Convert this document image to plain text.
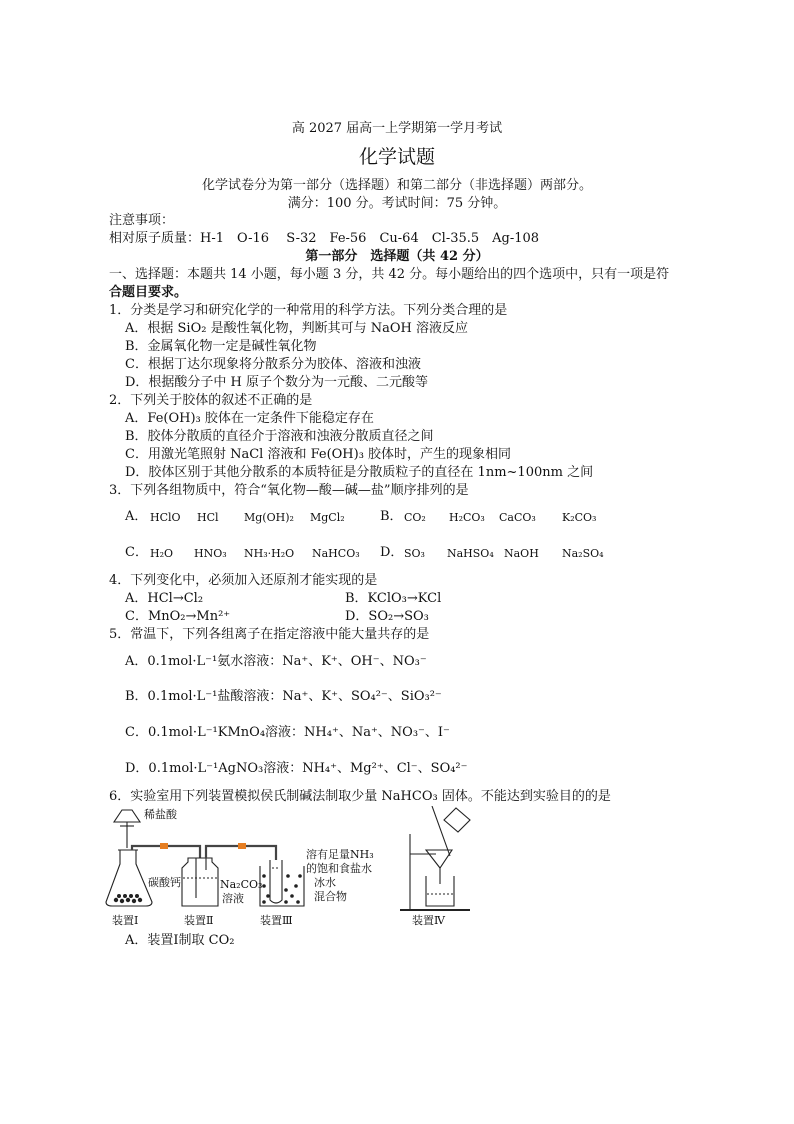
高 2027 届高一上学期第一学月考试
化学试题
化学试卷分为第一部分（选择题）和第二部分（非选择题）两部分。
满分：100 分。考试时间：75 分钟。
注意事项：
相对原子质量：H-1　O-16　 S-32　Fe-56　Cu-64　Cl-35.5　Ag-108
第一部分　选择题（共 42 分）
一、选择题：本题共 14 小题，每小题 3 分，共 42 分。每小题给出的四个选项中，只有一项是符
合题目要求。
1．分类是学习和研究化学的一种常用的科学方法。下列分类合理的是
A．根据 SiO₂ 是酸性氧化物，判断其可与 NaOH 溶液反应
B．金属氧化物一定是碱性氧化物
C．根据丁达尔现象将分散系分为胶体、溶液和浊液
D．根据酸分子中 H 原子个数分为一元酸、二元酸等
2．下列关于胶体的叙述不正确的是
A．Fe(OH)₃ 胶体在一定条件下能稳定存在
B．胶体分散质的直径介于溶液和浊液分散质直径之间
C．用激光笔照射 NaCl 溶液和 Fe(OH)₃ 胶体时，产生的现象相同
D．胶体区别于其他分散系的本质特征是分散质粒子的直径在 1nm~100nm 之间
3．下列各组物质中，符合“氧化物—酸—碱—盐”顺序排列的是
A． HClO HCl Mg(OH)₂ MgCl₂	B． CO₂ H₂CO₃ CaCO₃ K₂CO₃
C． H₂O HNO₃ NH₃·H₂O NaHCO₃ D． SO₃ NaHSO₄ NaOH Na₂SO₄
4．下列变化中，必须加入还原剂才能实现的是
A．HCl→Cl₂	B．KClO₃→KCl
C．MnO₂→Mn²⁺	D．SO₂→SO₃
5．常温下，下列各组离子在指定溶液中能大量共存的是
A．0.1mol·L⁻¹氨水溶液：Na⁺、K⁺、OH⁻、NO₃⁻
B．0.1mol·L⁻¹盐酸溶液：Na⁺、K⁺、SO₄²⁻、SiO₃²⁻
C．0.1mol·L⁻¹KMnO₄溶液：NH₄⁺、Na⁺、NO₃⁻、I⁻
D．0.1mol·L⁻¹AgNO₃溶液：NH₄⁺、Mg²⁺、Cl⁻、SO₄²⁻
6．实验室用下列装置模拟侯氏制碱法制取少量 NaHCO₃ 固体。不能达到实验目的的是
稀盐酸
碳酸钙	Na₂CO₃
溶液
溶有足量NH₃
的饱和食盐水
冰水
混合物
装置Ⅰ	装置Ⅱ	装置Ⅲ	装置Ⅳ
A．装置Ⅰ制取 CO₂
